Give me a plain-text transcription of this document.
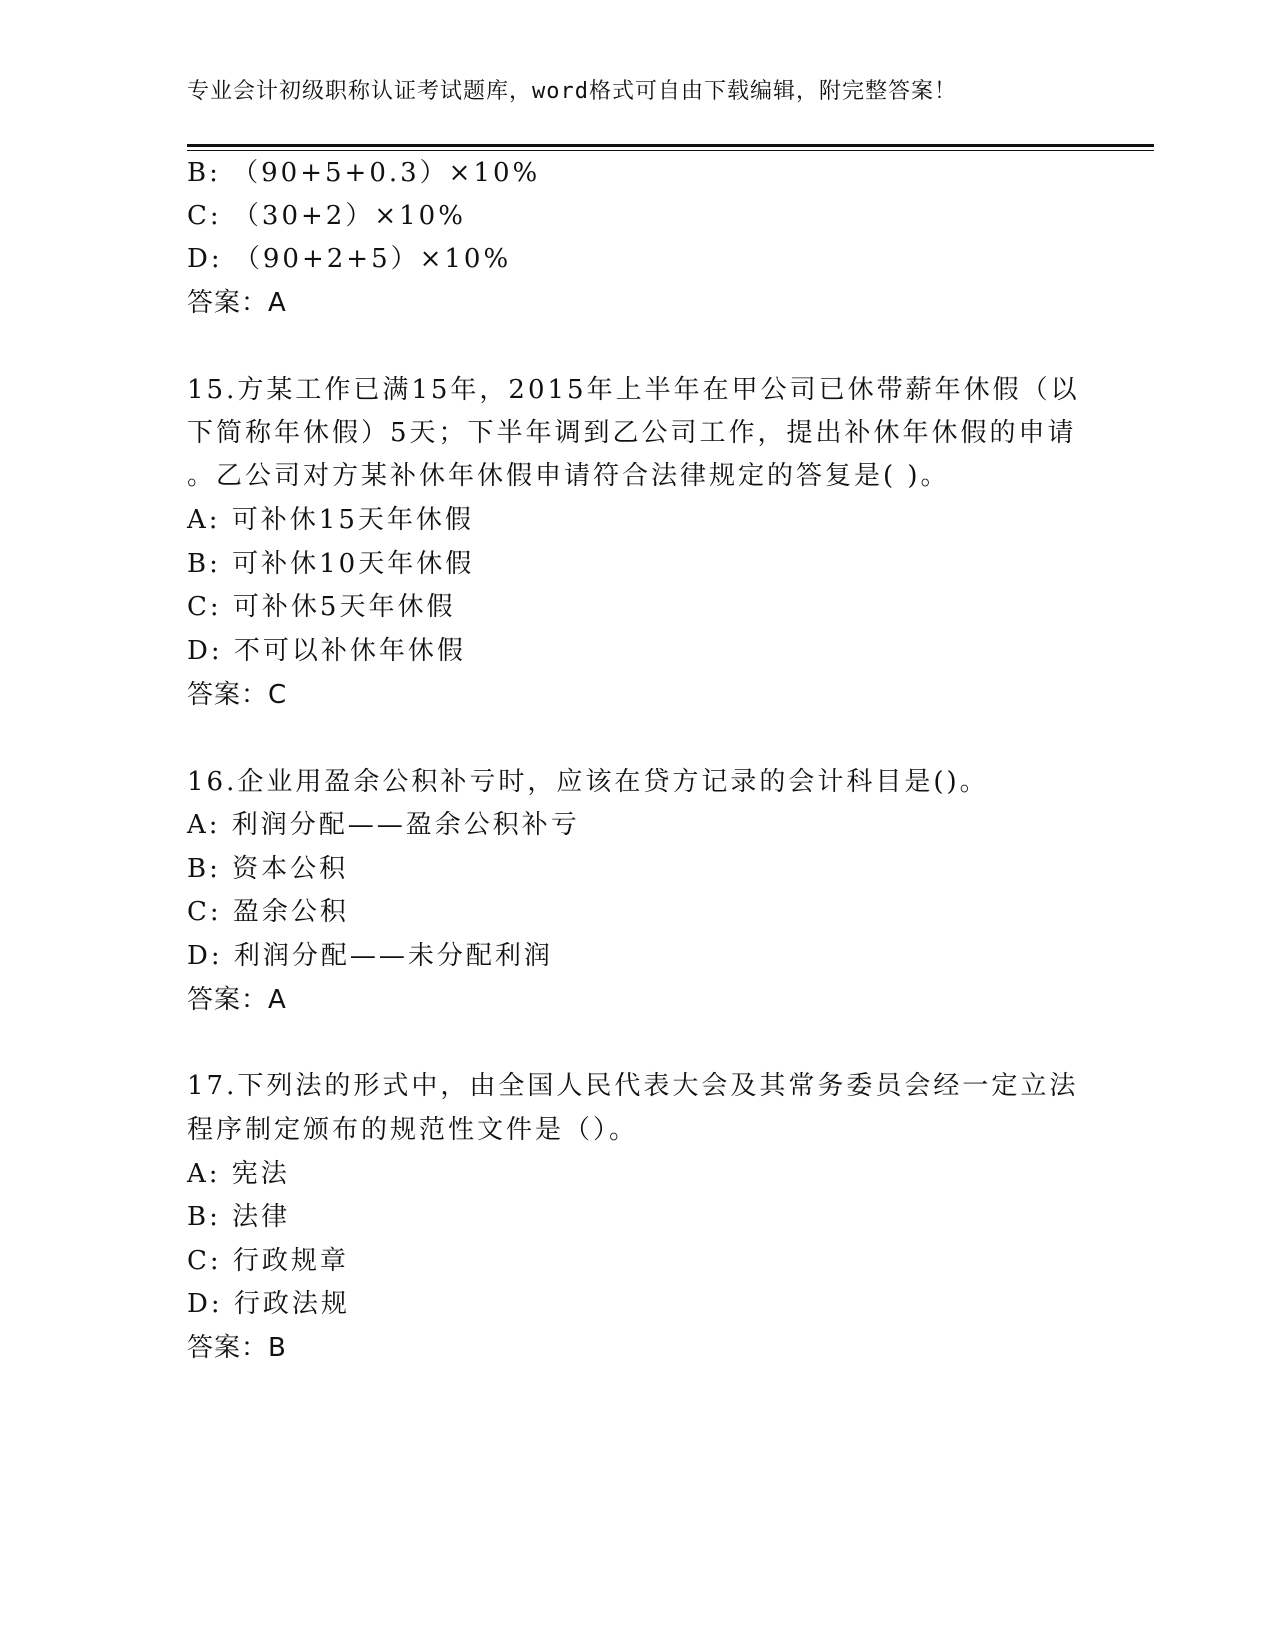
专业会计初级职称认证考试题库，word格式可自由下载编辑，附完整答案！
B: （90+5+0.3）×10%
C: （30+2）×10%
D: （90+2+5）×10%
答案：A
15.方某工作已满15年，2015年上半年在甲公司已休带薪年休假（以
下简称年休假）5天；下半年调到乙公司工作，提出补休年休假的申请
。乙公司对方某补休年休假申请符合法律规定的答复是( )。
A: 可补休15天年休假
B: 可补休10天年休假
C: 可补休5天年休假
D: 不可以补休年休假
答案：C
16.企业用盈余公积补亏时，应该在贷方记录的会计科目是()。
A: 利润分配——盈余公积补亏
B: 资本公积
C: 盈余公积
D: 利润分配——未分配利润
答案：A
17.下列法的形式中，由全国人民代表大会及其常务委员会经一定立法
程序制定颁布的规范性文件是（）。
A: 宪法
B: 法律
C: 行政规章
D: 行政法规
答案：B
